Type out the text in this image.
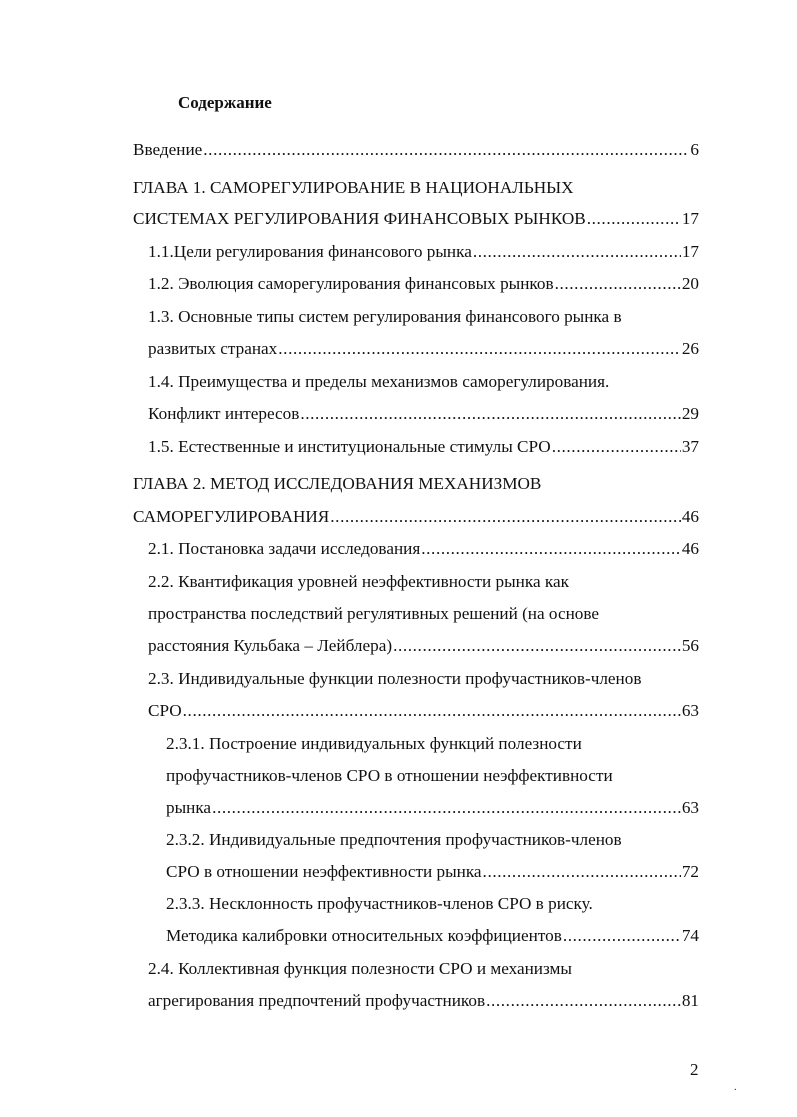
Содержание
Введение .....	6
ГЛАВА 1. САМОРЕГУЛИРОВАНИЕ В НАЦИОНАЛЬНЫХ
СИСТЕМАХ РЕГУЛИРОВАНИЯ ФИНАНСОВЫХ РЫНКОВ .....	17
1.1.Цели регулирования финансового рынка .....	17
1.2. Эволюция саморегулирования финансовых рынков .....	20
1.3. Основные типы систем регулирования финансового рынка в
развитых странах .....	26
1.4. Преимущества и пределы механизмов саморегулирования.
Конфликт интересов .....	29
1.5. Естественные и институциональные стимулы СРО .....	37
ГЛАВА 2. МЕТОД ИССЛЕДОВАНИЯ МЕХАНИЗМОВ
САМОРЕГУЛИРОВАНИЯ .....	46
2.1. Постановка задачи исследования .....	46
2.2. Квантификация уровней неэффективности рынка как
пространства последствий регулятивных решений (на основе
расстояния Кульбака – Лейблера) .....	56
2.3. Индивидуальные функции полезности профучастников-членов
СРО .....	63
2.3.1. Построение индивидуальных функций полезности
профучастников-членов СРО в отношении неэффективности
рынка .....	63
2.3.2. Индивидуальные предпочтения профучастников-членов
СРО в отношении неэффективности рынка .....	72
2.3.3. Несклонность профучастников-членов СРО в риску.
Методика калибровки относительных коэффициентов .....	74
2.4. Коллективная функция полезности СРО и механизмы
агрегирования предпочтений профучастников .....	81
2
.
